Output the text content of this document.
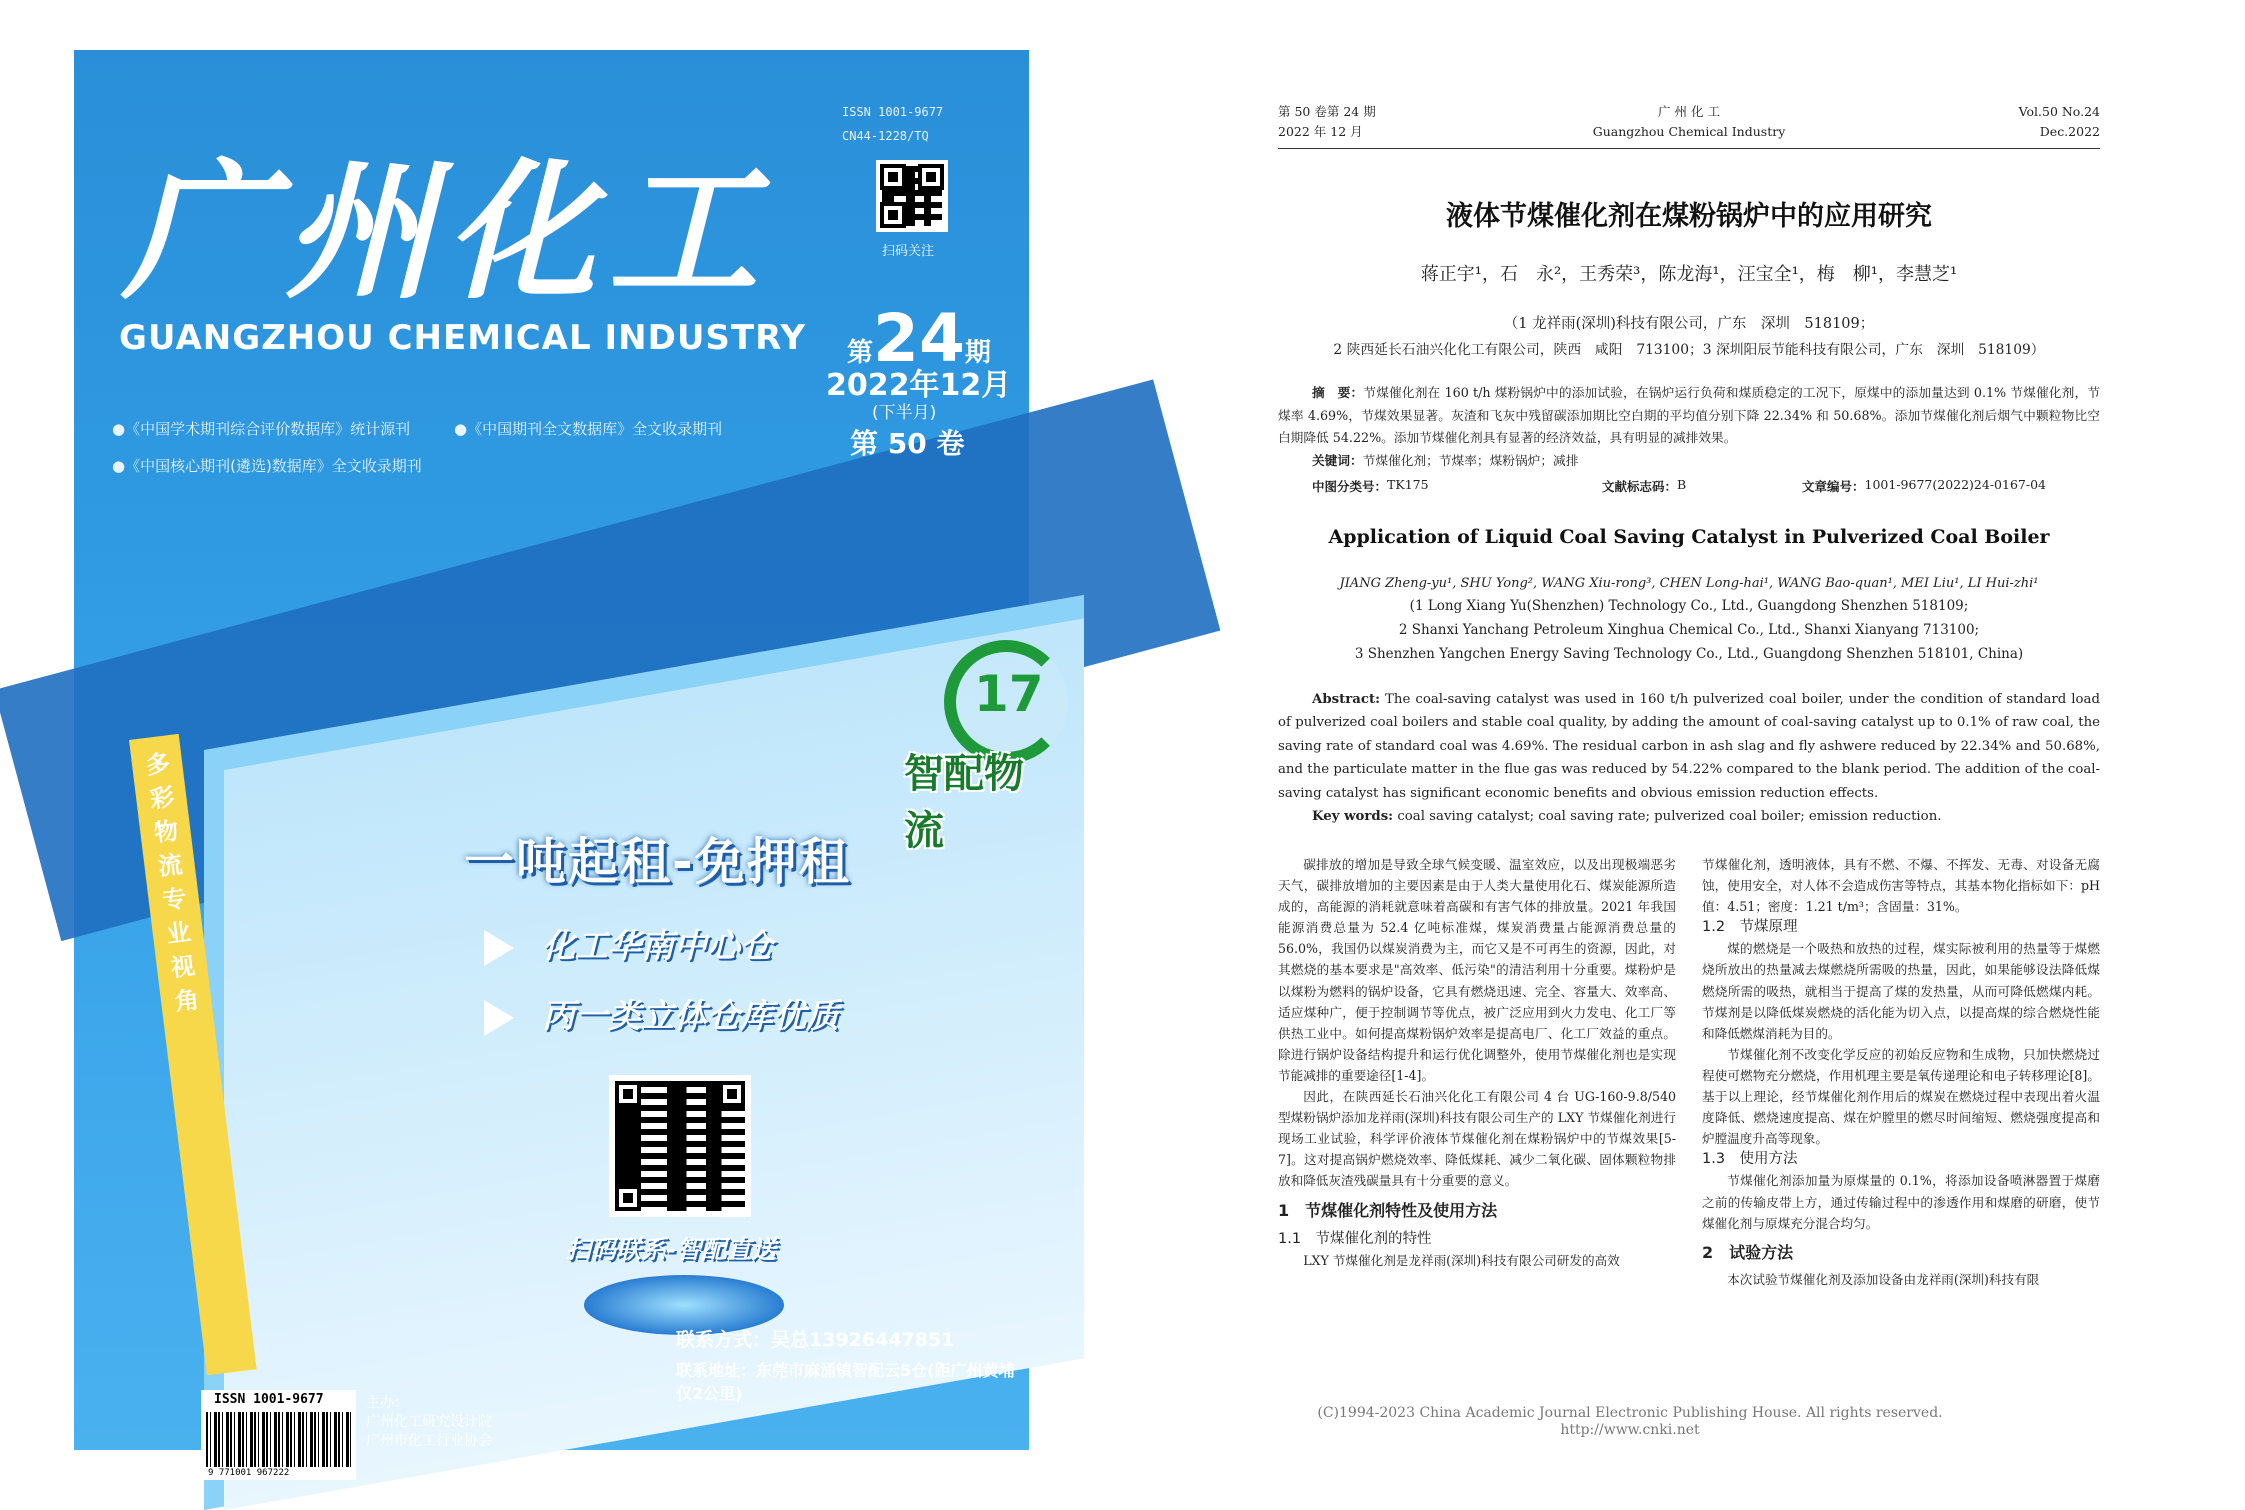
多彩物流专业视角
广州化工
GUANGZHOU CHEMICAL INDUSTRY
ISSN 1001-9677
CN44-1228/TQ
扫码关注
第24期
2022年12月
(下半月)
第 50 卷
●《中国学术期刊综合评价数据库》统计源刊	●《中国期刊全文数据库》全文收录期刊
●《中国核心期刊(遴选)数据库》全文收录期刊
17
智配物流
一吨起租-免押租
化工华南中心仓
丙一类立体仓库优质
扫码联系-智配直送
联系方式：吴总13926447851
联系地址：东莞市麻涌镇智配云5仓(距广州黄埔仅2公里)
ISSN 1001-9677
9 771001 967222
主办：
广州化工研究设计院
广州市化工行业协会
第 50 卷第 24 期
2022 年 12 月
广 州 化 工
Guangzhou Chemical Industry
Vol.50 No.24
Dec.2022
液体节煤催化剂在煤粉锅炉中的应用研究
蒋正宇¹，石　永²，王秀荣³，陈龙海¹，汪宝全¹，梅　柳¹，李慧芝¹
（1 龙祥雨(深圳)科技有限公司，广东　深圳　518109；
2 陕西延长石油兴化化工有限公司，陕西　咸阳　713100；3 深圳阳辰节能科技有限公司，广东　深圳　518109）
摘　要：节煤催化剂在 160 t/h 煤粉锅炉中的添加试验，在锅炉运行负荷和煤质稳定的工况下，原煤中的添加量达到 0.1% 节煤催化剂，节煤率 4.69%，节煤效果显著。灰渣和飞灰中残留碳添加期比空白期的平均值分别下降 22.34% 和 50.68%。添加节煤催化剂后烟气中颗粒物比空白期降低 54.22%。添加节煤催化剂具有显著的经济效益，具有明显的减排效果。
关键词：节煤催化剂；节煤率；煤粉锅炉；减排
中图分类号： TK175	文献标志码： B	文章编号： 1001-9677(2022)24-0167-04
Application of Liquid Coal Saving Catalyst in Pulverized Coal Boiler
JIANG Zheng-yu¹, SHU Yong², WANG Xiu-rong³, CHEN Long-hai¹, WANG Bao-quan¹, MEI Liu¹, LI Hui-zhi¹
(1 Long Xiang Yu(Shenzhen) Technology Co., Ltd., Guangdong Shenzhen 518109;
2 Shanxi Yanchang Petroleum Xinghua Chemical Co., Ltd., Shanxi Xianyang 713100;
3 Shenzhen Yangchen Energy Saving Technology Co., Ltd., Guangdong Shenzhen 518101, China)
Abstract: The coal-saving catalyst was used in 160 t/h pulverized coal boiler, under the condition of standard load of pulverized coal boilers and stable coal quality, by adding the amount of coal-saving catalyst up to 0.1% of raw coal, the saving rate of standard coal was 4.69%. The residual carbon in ash slag and fly ashwere reduced by 22.34% and 50.68%, and the particulate matter in the flue gas was reduced by 54.22% compared to the blank period. The addition of the coal-saving catalyst has significant economic benefits and obvious emission reduction effects.
Key words: coal saving catalyst; coal saving rate; pulverized coal boiler; emission reduction.

碳排放的增加是导致全球气候变暖、温室效应，以及出现极端恶劣天气，碳排放增加的主要因素是由于人类大量使用化石、煤炭能源所造成的，高能源的消耗就意味着高碳和有害气体的排放量。2021 年我国能源消费总量为 52.4 亿吨标准煤，煤炭消费量占能源消费总量的 56.0%，我国仍以煤炭消费为主，而它又是不可再生的资源，因此，对其燃烧的基本要求是"高效率、低污染"的清洁利用十分重要。煤粉炉是以煤粉为燃料的锅炉设备，它具有燃烧迅速、完全、容量大、效率高、适应煤种广，便于控制调节等优点，被广泛应用到火力发电、化工厂等供热工业中。如何提高煤粉锅炉效率是提高电厂、化工厂效益的重点。除进行锅炉设备结构提升和运行优化调整外，使用节煤催化剂也是实现节能减排的重要途径[1-4]。

因此，在陕西延长石油兴化化工有限公司 4 台 UG-160-9.8/540 型煤粉锅炉添加龙祥雨(深圳)科技有限公司生产的 LXY 节煤催化剂进行现场工业试验，科学评价液体节煤催化剂在煤粉锅炉中的节煤效果[5-7]。这对提高锅炉燃烧效率、降低煤耗、减少二氧化碳、固体颗粒物排放和降低灰渣残碳量具有十分重要的意义。

1　节煤催化剂特性及使用方法
1.1　节煤催化剂的特性

LXY 节煤催化剂是龙祥雨(深圳)科技有限公司研发的高效

节煤催化剂，透明液体，具有不燃、不爆、不挥发、无毒、对设备无腐蚀，使用安全，对人体不会造成伤害等特点，其基本物化指标如下：pH 值：4.51；密度：1.21 t/m³；含固量：31%。

1.2　节煤原理

煤的燃烧是一个吸热和放热的过程，煤实际被利用的热量等于煤燃烧所放出的热量减去煤燃烧所需吸的热量，因此，如果能够设法降低煤燃烧所需的吸热，就相当于提高了煤的发热量，从而可降低燃煤内耗。节煤剂是以降低煤炭燃烧的活化能为切入点，以提高煤的综合燃烧性能和降低燃煤消耗为目的。

节煤催化剂不改变化学反应的初始反应物和生成物，只加快燃烧过程使可燃物充分燃烧，作用机理主要是氧传递理论和电子转移理论[8]。基于以上理论，经节煤催化剂作用后的煤炭在燃烧过程中表现出着火温度降低、燃烧速度提高、煤在炉膛里的燃尽时间缩短、燃烧强度提高和炉膛温度升高等现象。

1.3　使用方法

节煤催化剂添加量为原煤量的 0.1%，将添加设备喷淋器置于煤磨之前的传输皮带上方，通过传输过程中的渗透作用和煤磨的研磨，使节煤催化剂与原煤充分混合均匀。

2　试验方法

本次试验节煤催化剂及添加设备由龙祥雨(深圳)科技有限

(C)1994-2023 China Academic Journal Electronic Publishing House. All rights reserved.　　http://www.cnki.net
